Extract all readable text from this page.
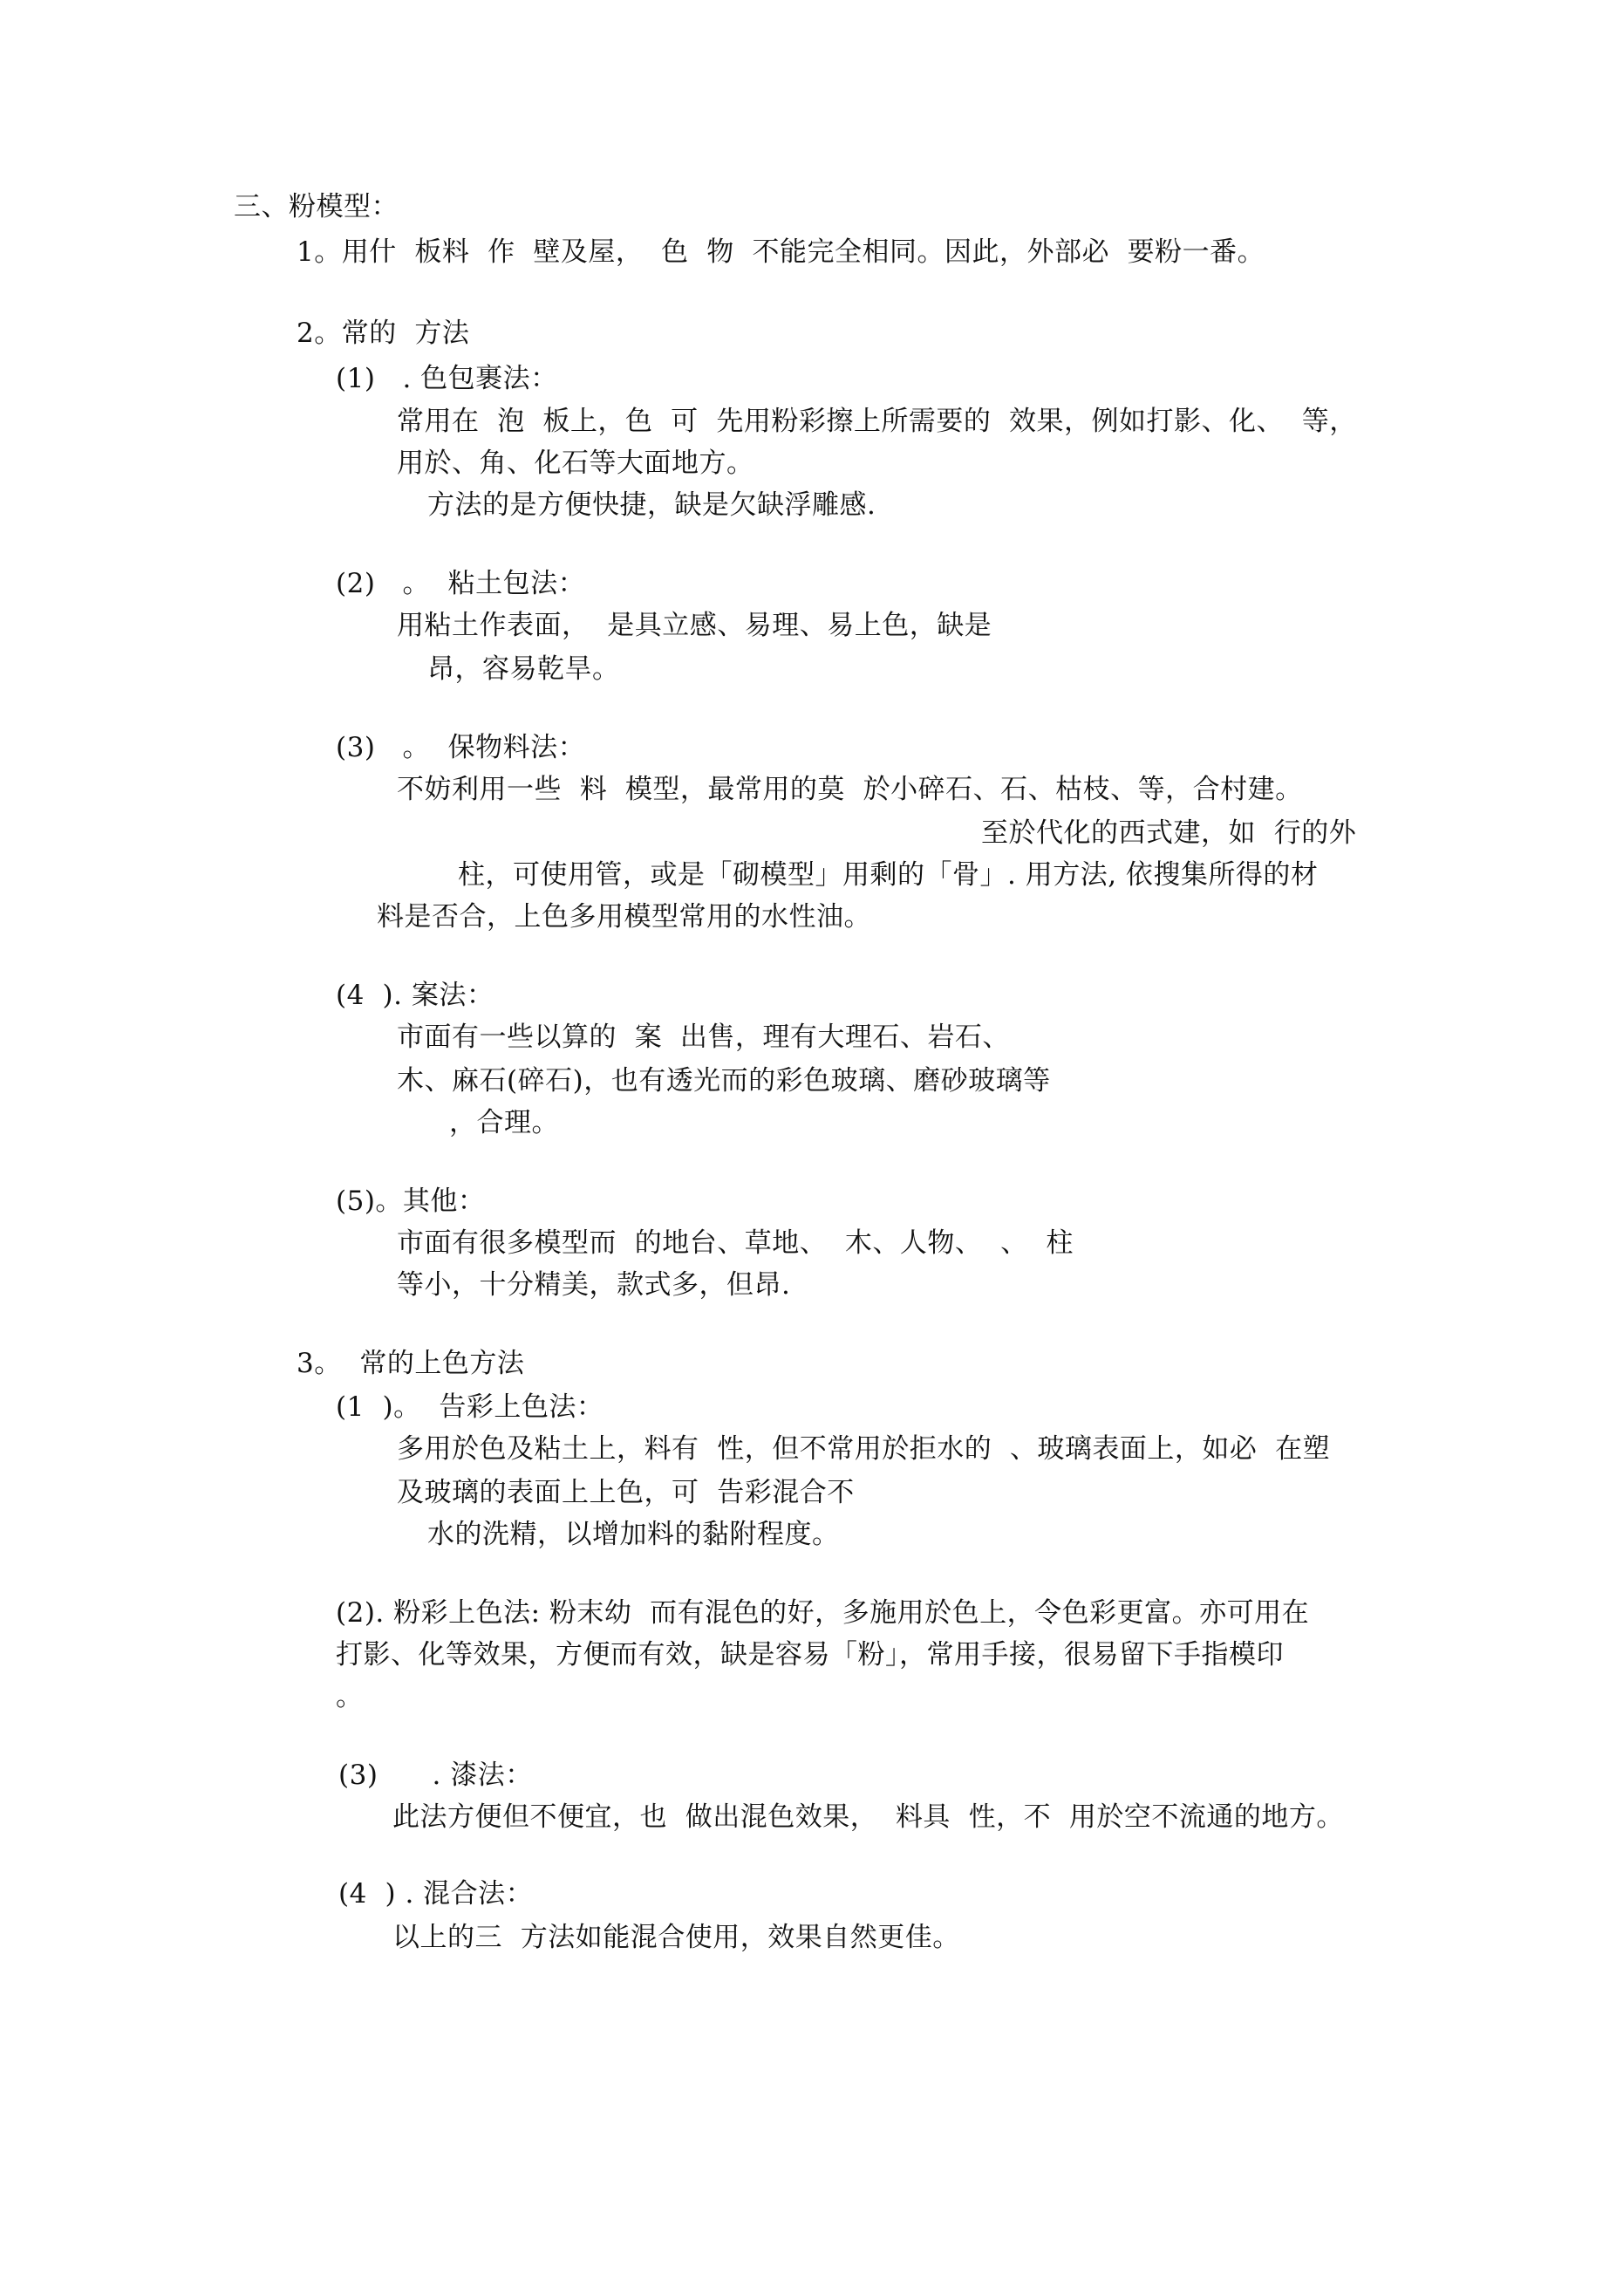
三、粉模型：
1。用什  板料  作  壁及屋，  色  物  不能完全相同。因此，外部必  要粉一番。
2。常的  方法
(1)   . 色包裹法：
常用在  泡  板上，色  可  先用粉彩擦上所需要的  效果，例如打影、化、  等，
用於、角、化石等大面地方。
方法的是方便快捷，缺是欠缺浮雕感.
(2)   。  粘土包法：
用粘土作表面，  是具立感、易理、易上色，缺是
昂，容易乾旱。
(3)   。  保物料法：
不妨利用一些  料  模型，最常用的莫  於小碎石、石、枯枝、等，合村建。
至於代化的西式建，如  行的外
柱，可使用管，或是「砌模型」用剩的「骨」. 用方法, 依搜集所得的材
料是否合，上色多用模型常用的水性油。
(4  ). 案法：
市面有一些以算的  案  出售，理有大理石、岩石、
木、麻石(碎石)，也有透光而的彩色玻璃、磨砂玻璃等
，合理。
(5)。其他：
市面有很多模型而  的地台、草地、  木、人物、  、  柱
等小，十分精美，款式多，但昂.
3。  常的上色方法
(1  )。  告彩上色法：
多用於色及粘土上，料有  性，但不常用於拒水的  、玻璃表面上，如必  在塑
及玻璃的表面上上色，可  告彩混合不
水的洗精，以增加料的黏附程度。
(2). 粉彩上色法: 粉末幼  而有混色的好，多施用於色上，令色彩更富。亦可用在
打影、化等效果，方便而有效，缺是容易「粉」，常用手接，很易留下手指模印
。
(3)      . 漆法：
此法方便但不便宜，也  做出混色效果，  料具  性，不  用於空不流通的地方。
(4  ) . 混合法：
以上的三  方法如能混合使用，效果自然更佳。
